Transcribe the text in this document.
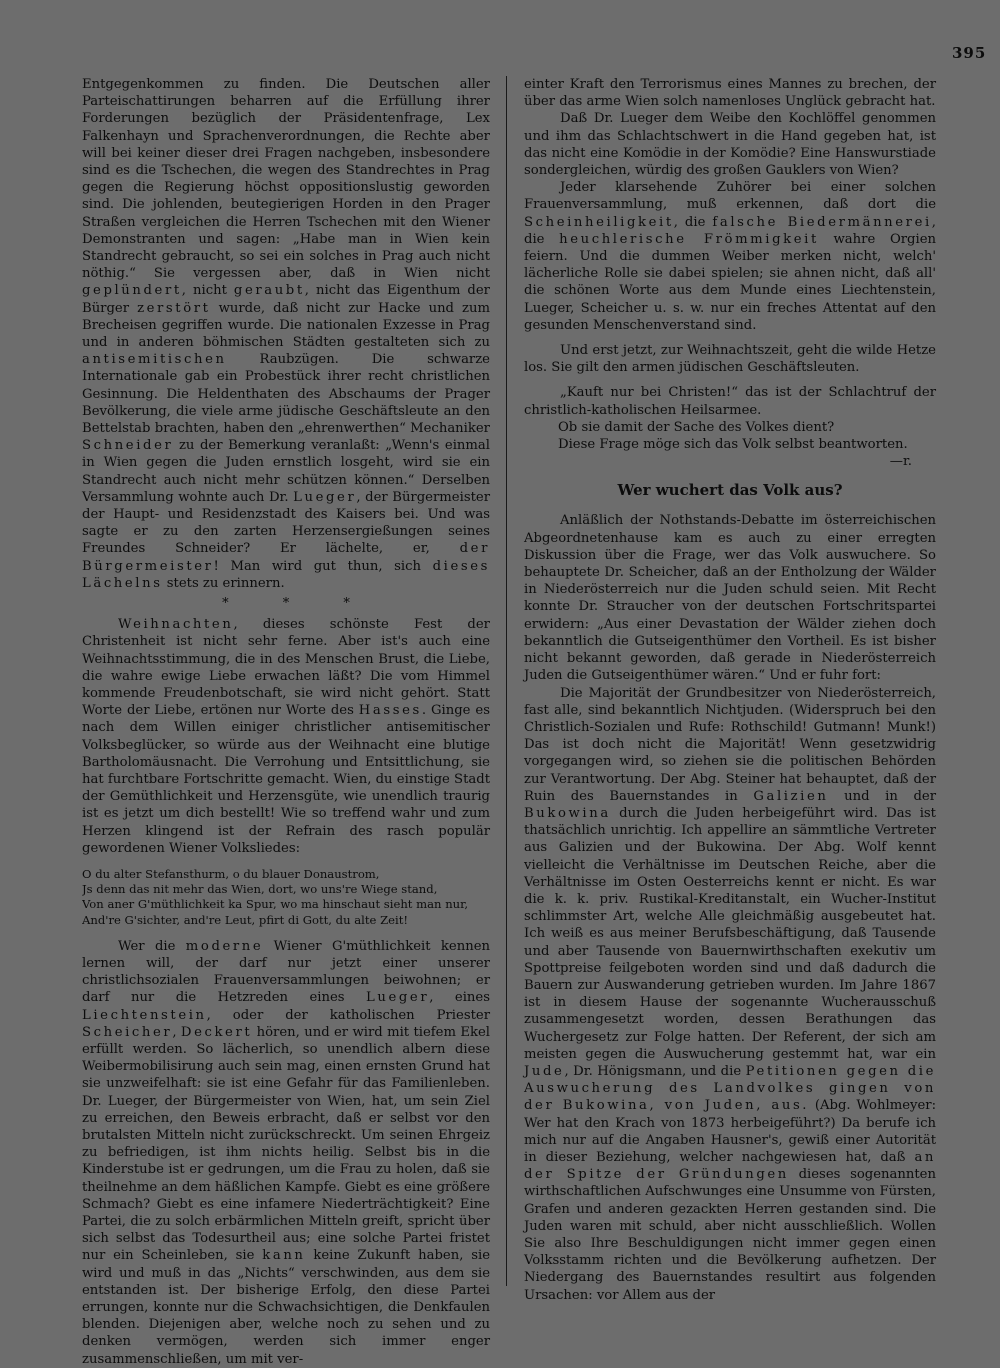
395

Entgegenkommen zu finden. Die Deutschen aller Parteischattirungen beharren auf die Erfüllung ihrer Forderungen bezüglich der Präsidentenfrage, Lex Falkenhayn und Sprachenverordnungen, die Rechte aber will bei keiner dieser drei Fragen nachgeben, insbesondere sind es die Tschechen, die wegen des Standrechtes in Prag gegen die Regierung höchst oppositionslustig geworden sind. Die johlenden, beutegierigen Horden in den Prager Straßen vergleichen die Herren Tschechen mit den Wiener Demonstranten und sagen: „Habe man in Wien kein Standrecht gebraucht, so sei ein solches in Prag auch nicht nöthig.“ Sie vergessen aber, daß in Wien nicht geplündert, nicht geraubt, nicht das Eigenthum der Bürger zerstört wurde, daß nicht zur Hacke und zum Brecheisen gegriffen wurde. Die nationalen Exzesse in Prag und in anderen böhmischen Städten gestalteten sich zu antisemitischen Raubzügen. Die schwarze Internationale gab ein Probestück ihrer recht christlichen Gesinnung. Die Heldenthaten des Abschaums der Prager Bevölkerung, die viele arme jüdische Geschäftsleute an den Bettelstab brachten, haben den „ehrenwerthen“ Mechaniker Schneider zu der Bemerkung veranlaßt: „Wenn's einmal in Wien gegen die Juden ernstlich losgeht, wird sie ein Standrecht auch nicht mehr schützen können.“ Derselben Versammlung wohnte auch Dr. Lueger, der Bürgermeister der Haupt- und Residenzstadt des Kaisers bei. Und was sagte er zu den zarten Herzensergießungen seines Freundes Schneider? Er lächelte, er, der Bürgermeister! Man wird gut thun, sich dieses Lächelns stets zu erinnern.

* * *

Weihnachten, dieses schönste Fest der Christenheit ist nicht sehr ferne. Aber ist's auch eine Weihnachtsstimmung, die in des Menschen Brust, die Liebe, die wahre ewige Liebe erwachen läßt? Die vom Himmel kommende Freudenbotschaft, sie wird nicht gehört. Statt Worte der Liebe, ertönen nur Worte des Hasses. Ginge es nach dem Willen einiger christlicher antisemitischer Volksbeglücker, so würde aus der Weihnacht eine blutige Bartholomäusnacht. Die Verrohung und Entsittlichung, sie hat furchtbare Fortschritte gemacht. Wien, du einstige Stadt der Gemüthlichkeit und Herzensgüte, wie unendlich traurig ist es jetzt um dich bestellt! Wie so treffend wahr und zum Herzen klingend ist der Refrain des rasch populär gewordenen Wiener Volksliedes:

O du alter Stefansthurm, o du blauer Donaustrom,
Js denn das nit mehr das Wien, dort, wo uns're Wiege stand,
Von aner G'müthlichkeit ka Spur, wo ma hinschaut sieht man nur,
And're G'sichter, and're Leut, pfirt di Gott, du alte Zeit!

Wer die moderne Wiener G'müthlichkeit kennen lernen will, der darf nur jetzt einer unserer christlichsozialen Frauenversammlungen beiwohnen; er darf nur die Hetzreden eines Lueger, eines Liechtenstein, oder der katholischen Priester Scheicher, Deckert hören, und er wird mit tiefem Ekel erfüllt werden. So lächerlich, so unendlich albern diese Weibermobilisirung auch sein mag, einen ernsten Grund hat sie unzweifelhaft: sie ist eine Gefahr für das Familienleben. Dr. Lueger, der Bürgermeister von Wien, hat, um sein Ziel zu erreichen, den Beweis erbracht, daß er selbst vor den brutalsten Mitteln nicht zurückschreckt. Um seinen Ehrgeiz zu befriedigen, ist ihm nichts heilig. Selbst bis in die Kinderstube ist er gedrungen, um die Frau zu holen, daß sie theilnehme an dem häßlichen Kampfe. Giebt es eine größere Schmach? Giebt es eine infamere Niederträchtigkeit? Eine Partei, die zu solch erbärmlichen Mitteln greift, spricht über sich selbst das Todesurtheil aus; eine solche Partei fristet nur ein Scheinleben, sie kann keine Zukunft haben, sie wird und muß in das „Nichts“ verschwinden, aus dem sie entstanden ist. Der bisherige Erfolg, den diese Partei errungen, konnte nur die Schwachsichtigen, die Denkfaulen blenden. Diejenigen aber, welche noch zu sehen und zu denken vermögen, werden sich immer enger zusammenschließen, um mit ver-

einter Kraft den Terrorismus eines Mannes zu brechen, der über das arme Wien solch namenloses Unglück gebracht hat.

Daß Dr. Lueger dem Weibe den Kochlöffel genommen und ihm das Schlachtschwert in die Hand gegeben hat, ist das nicht eine Komödie in der Komödie? Eine Hanswurstiade sondergleichen, würdig des großen Gauklers von Wien?

Jeder klarsehende Zuhörer bei einer solchen Frauenversammlung, muß erkennen, daß dort die Scheinheiligkeit, die falsche Biedermännerei, die heuchlerische Frömmigkeit wahre Orgien feiern. Und die dummen Weiber merken nicht, welch' lächerliche Rolle sie dabei spielen; sie ahnen nicht, daß all' die schönen Worte aus dem Munde eines Liechtenstein, Lueger, Scheicher u. s. w. nur ein freches Attentat auf den gesunden Menschenverstand sind.

Und erst jetzt, zur Weihnachtszeit, geht die wilde Hetze los. Sie gilt den armen jüdischen Geschäftsleuten.

„Kauft nur bei Christen!“ das ist der Schlachtruf der christlich-katholischen Heilsarmee.

Ob sie damit der Sache des Volkes dient?

Diese Frage möge sich das Volk selbst beantworten.

—r.

Wer wuchert das Volk aus?

Anläßlich der Nothstands-Debatte im österreichischen Abgeordnetenhause kam es auch zu einer erregten Diskussion über die Frage, wer das Volk auswuchere. So behauptete Dr. Scheicher, daß an der Entholzung der Wälder in Niederösterreich nur die Juden schuld seien. Mit Recht konnte Dr. Straucher von der deutschen Fortschritspartei erwidern: „Aus einer Devastation der Wälder ziehen doch bekanntlich die Gutseigenthümer den Vortheil. Es ist bisher nicht bekannt geworden, daß gerade in Niederösterreich Juden die Gutseigenthümer wären.“ Und er fuhr fort:

Die Majorität der Grundbesitzer von Niederösterreich, fast alle, sind bekanntlich Nichtjuden. (Widerspruch bei den Christlich-Sozialen und Rufe: Rothschild! Gutmann! Munk!) Das ist doch nicht die Majorität! Wenn gesetzwidrig vorgegangen wird, so ziehen sie die politischen Behörden zur Verantwortung. Der Abg. Steiner hat behauptet, daß der Ruin des Bauernstandes in Galizien und in der Bukowina durch die Juden herbeigeführt wird. Das ist thatsächlich unrichtig. Ich appellire an sämmtliche Vertreter aus Galizien und der Bukowina. Der Abg. Wolf kennt vielleicht die Verhältnisse im Deutschen Reiche, aber die Verhältnisse im Osten Oesterreichs kennt er nicht. Es war die k. k. priv. Rustikal-Kreditanstalt, ein Wucher-Institut schlimmster Art, welche Alle gleichmäßig ausgebeutet hat. Ich weiß es aus meiner Berufsbeschäftigung, daß Tausende und aber Tausende von Bauernwirthschaften exekutiv um Spottpreise feilgeboten worden sind und daß dadurch die Bauern zur Auswanderung getrieben wurden. Im Jahre 1867 ist in diesem Hause der sogenannte Wucherausschuß zusammengesetzt worden, dessen Berathungen das Wuchergesetz zur Folge hatten. Der Referent, der sich am meisten gegen die Auswucherung gestemmt hat, war ein Jude, Dr. Hönigsmann, und die Petitionen gegen die Auswucherung des Landvolkes gingen von der Bukowina, von Juden, aus. (Abg. Wohlmeyer: Wer hat den Krach von 1873 herbeigeführt?) Da berufe ich mich nur auf die Angaben Hausner's, gewiß einer Autorität in dieser Beziehung, welcher nachgewiesen hat, daß an der Spitze der Gründungen dieses sogenannten wirthschaftlichen Aufschwunges eine Unsumme von Fürsten, Grafen und anderen gezackten Herren gestanden sind. Die Juden waren mit schuld, aber nicht ausschließlich. Wollen Sie also Ihre Beschuldigungen nicht immer gegen einen Volksstamm richten und die Bevölkerung aufhetzen. Der Niedergang des Bauernstandes resultirt aus folgenden Ursachen: vor Allem aus der
